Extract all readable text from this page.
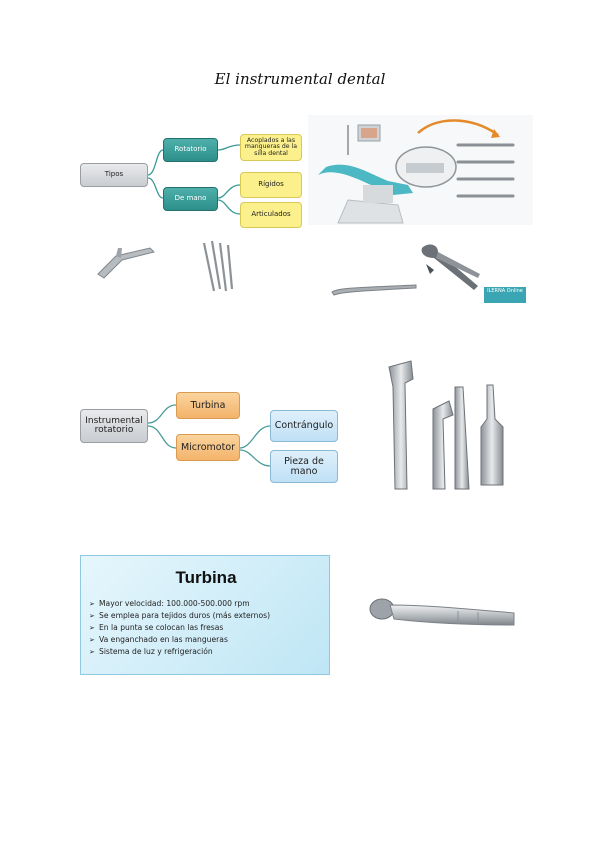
El instrumental dental
Tipos
Rotatorio
De mano
Acoplados a las mangueras de la silla dental
Rígidos
Articulados
ILERNA Online
Instrumental rotatorio
Turbina
Micromotor
Contrángulo
Pieza de mano
Turbina
➢ Mayor velocidad: 100.000-500.000 rpm
➢ Se emplea para tejidos duros (más externos)
➢ En la punta se colocan las fresas
➢ Va enganchado en las mangueras
➢ Sistema de luz y refrigeración
